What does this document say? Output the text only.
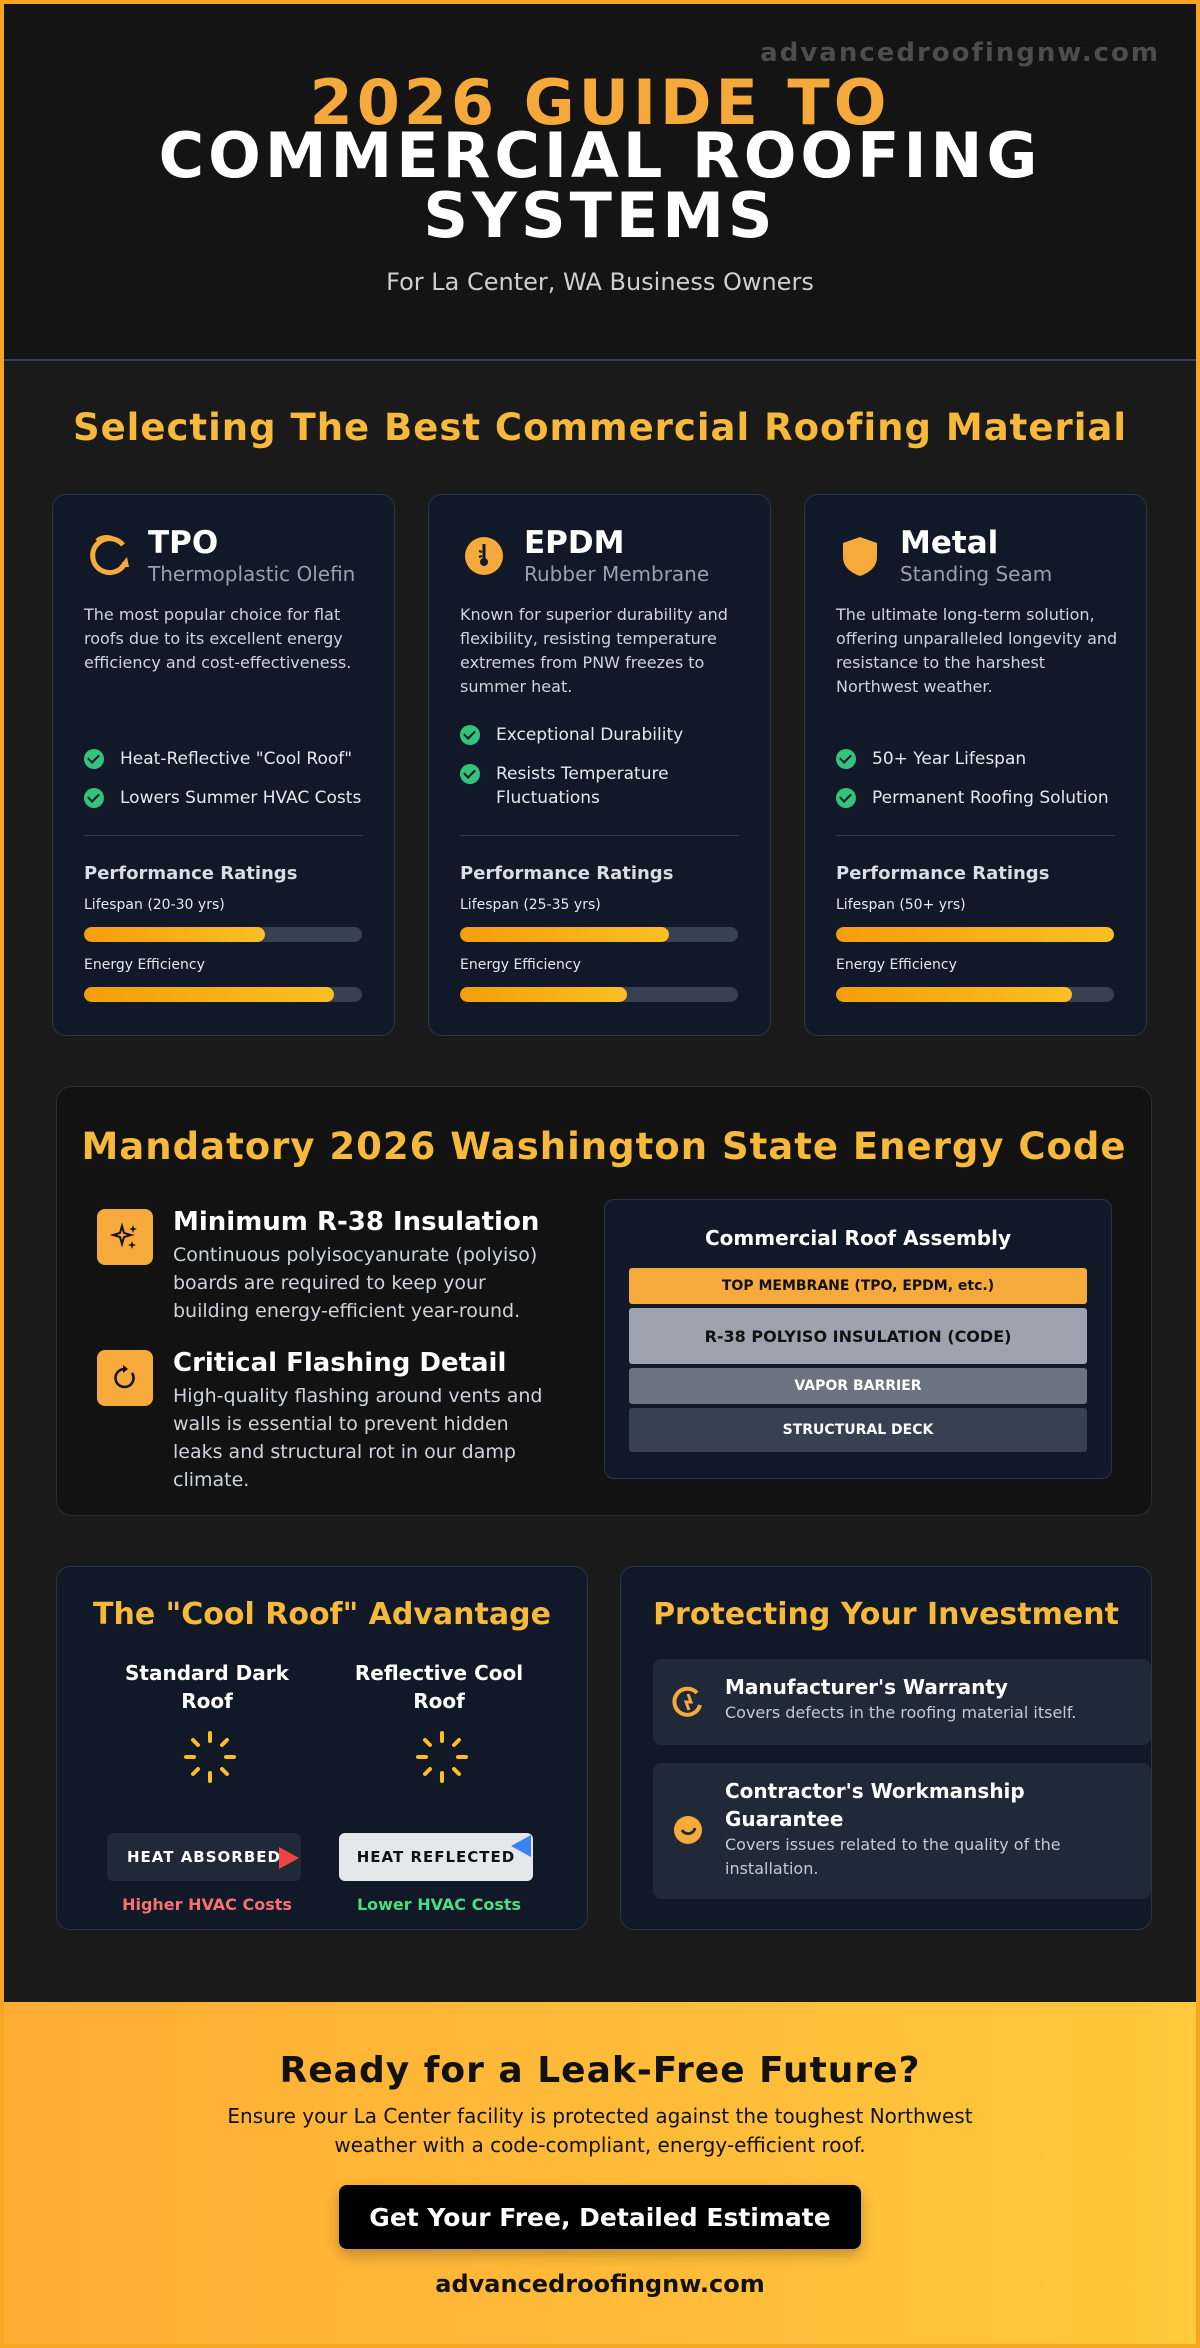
advancedroofingnw.com
2026 GUIDE TO
COMMERCIAL ROOFING
SYSTEMS
For La Center, WA Business Owners
Selecting The Best Commercial Roofing Material
TPO
Thermoplastic Olefin
The most popular choice for flat roofs due to its excellent energy efficiency and cost-effectiveness.
Heat-Reflective "Cool Roof"
Lowers Summer HVAC Costs
Performance Ratings
Lifespan (20-30 yrs)
Energy Efficiency
EPDM
Rubber Membrane
Known for superior durability and flexibility, resisting temperature extremes from PNW freezes to summer heat.
Exceptional Durability
Resists Temperature Fluctuations
Performance Ratings
Lifespan (25-35 yrs)
Energy Efficiency
Metal
Standing Seam
The ultimate long-term solution, offering unparalleled longevity and resistance to the harshest Northwest weather.
50+ Year Lifespan
Permanent Roofing Solution
Performance Ratings
Lifespan (50+ yrs)
Energy Efficiency
Mandatory 2026 Washington State Energy Code
Minimum R-38 Insulation

Continuous polyisocyanurate (polyiso) boards are required to keep your building energy-efficient year-round.

Critical Flashing Detail

High-quality flashing around vents and walls is essential to prevent hidden leaks and structural rot in our damp climate.

Commercial Roof Assembly
TOP MEMBRANE (TPO, EPDM, etc.)
R-38 POLYISO INSULATION (CODE)
VAPOR BARRIER
STRUCTURAL DECK
The "Cool Roof" Advantage
Standard Dark Roof
HEAT ABSORBED
Higher HVAC Costs
Reflective Cool Roof
HEAT REFLECTED
Lower HVAC Costs
Protecting Your Investment
Manufacturer's Warranty

Covers defects in the roofing material itself.

Contractor's Workmanship Guarantee

Covers issues related to the quality of the installation.

Ready for a Leak-Free Future?

Ensure your La Center facility is protected against the toughest Northwest weather with a code-compliant, energy-efficient roof.

Get Your Free, Detailed Estimate
advancedroofingnw.com
